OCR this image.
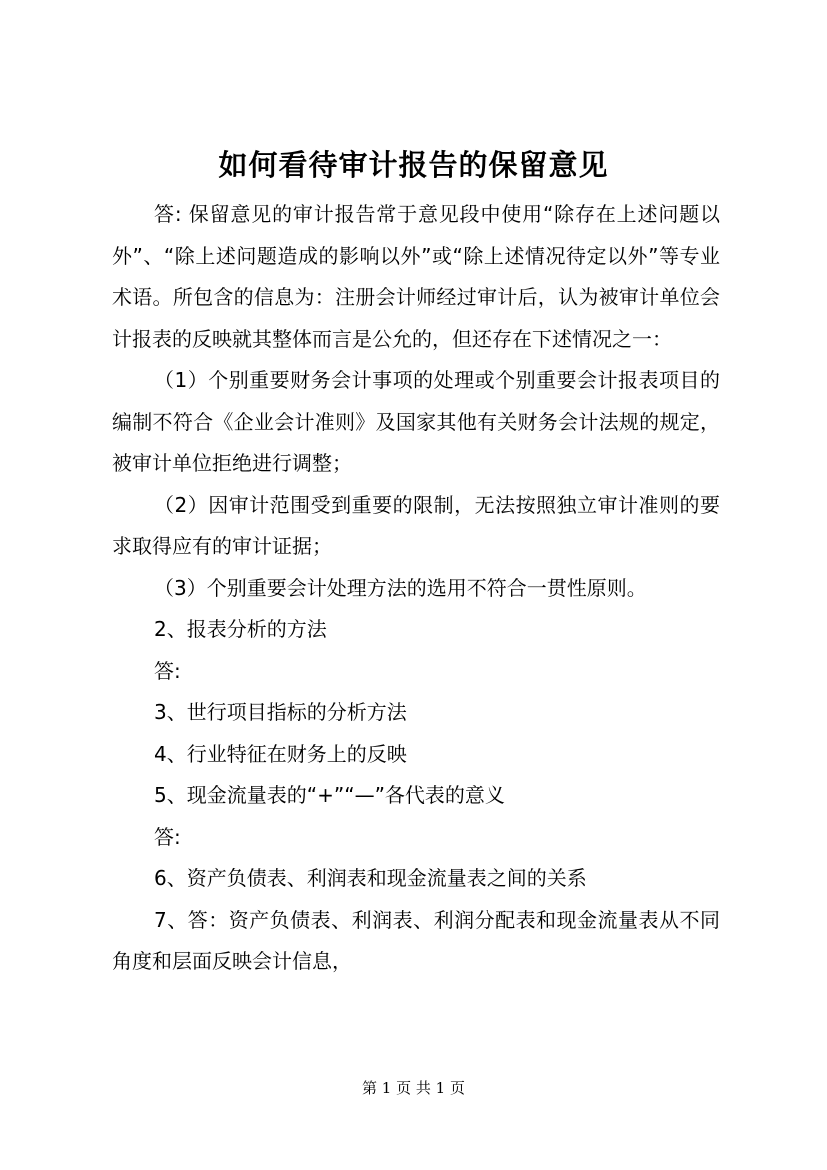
如何看待审计报告的保留意见

答: 保留意见的审计报告常于意见段中使用“除存在上述问题以外”、“除上述问题造成的影响以外”或“除上述情况待定以外”等专业术语。所包含的信息为：注册会计师经过审计后，认为被审计单位会计报表的反映就其整体而言是公允的，但还存在下述情况之一：

（1）个别重要财务会计事项的处理或个别重要会计报表项目的编制不符合《企业会计准则》及国家其他有关财务会计法规的规定，被审计单位拒绝进行调整；

（2）因审计范围受到重要的限制，无法按照独立审计准则的要求取得应有的审计证据；

（3）个别重要会计处理方法的选用不符合一贯性原则。

2、报表分析的方法

答:

3、世行项目指标的分析方法

4、行业特征在财务上的反映

5、现金流量表的“+”“—”各代表的意义

答:

6、资产负债表、利润表和现金流量表之间的关系

7、答：资产负债表、利润表、利润分配表和现金流量表从不同角度和层面反映会计信息，

第 1 页 共 1 页
